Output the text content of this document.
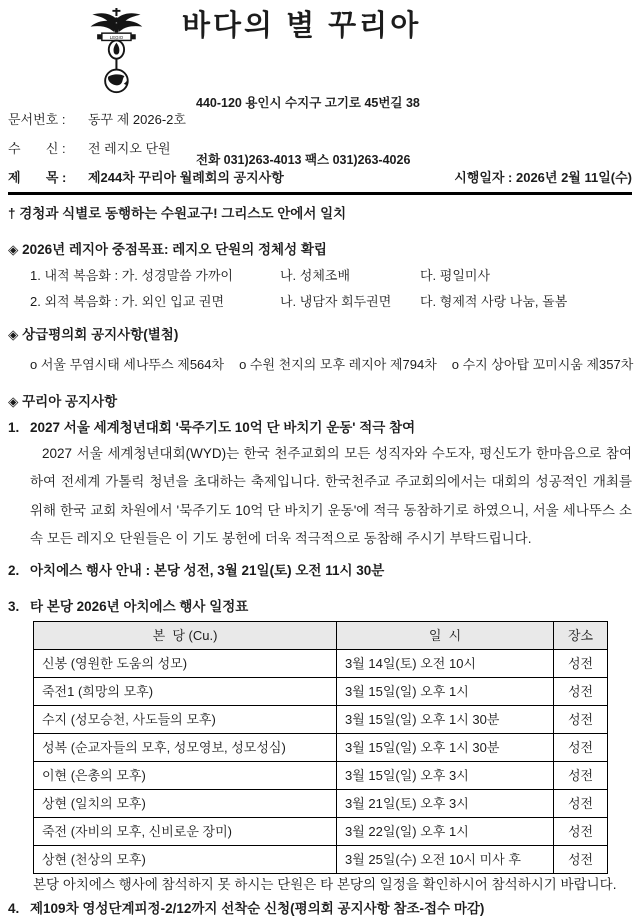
LEGIO 바다의 별 꾸리아

440-120 용인시 수지구 고기로 45번길 38

전화 031)263-4013 팩스 031)263-4026

문서번호 :	동꾸 제 2026-2호
수       신 :	전 레지오 단원
제       목 :	제244차 꾸리아 월례회의 공지사항	시행일자 : 2026년 2월 11일(수)
† 경청과 식별로 동행하는 수원교구! 그리스도 안에서 일치
◈ 2026년 레지아 중점목표: 레지오 단원의 정체성 확립
1. 내적 복음화 : 가. 성경말씀 가까이	나. 성체조배	다. 평일미사
2. 외적 복음화 : 가. 외인 입교 권면	나. 냉담자 회두권면	다. 형제적 사랑 나눔, 돌봄
◈ 상급평의회 공지사항(별첨)
o 서울 무염시태 세나뚜스 제564차 o 수원 천지의 모후 레지아 제794차 o 수지 상아탑 꼬미시움 제357차
◈ 꾸리아 공지사항
1. 2027 서울 세계청년대회 '묵주기도 10억 단 바치기 운동' 적극 참여
2027 서울 세계청년대회(WYD)는 한국 천주교회의 모든 성직자와 수도자, 평신도가 한마음으로 참여하여 전세계 가톨릭 청년을 초대하는 축제입니다. 한국천주교 주교회의에서는 대회의 성공적인 개최를 위해 한국 교회 차원에서 '묵주기도 10억 단 바치기 운동'에 적극 동참하기로 하였으니, 서울 세나뚜스 소속 모든 레지오 단원들은 이 기도 봉헌에 더욱 적극적으로 동참해 주시기 부탁드립니다.
2. 아치에스 행사 안내 : 본당 성전, 3월 21일(토) 오전 11시 30분
3. 타 본당 2026년 아치에스 행사 일정표
본  당 (Cu.)	일  시	장소
신봉 (영원한 도움의 성모)	3월 14일(토) 오전 10시	성전
죽전1 (희망의 모후)	3월 15일(일) 오후 1시	성전
수지 (성모승천, 사도들의 모후)	3월 15일(일) 오후 1시 30분	성전
성복 (순교자들의 모후, 성모영보, 성모성심)	3월 15일(일) 오후 1시 30분	성전
이현 (은총의 모후)	3월 15일(일) 오후 3시	성전
상현 (일치의 모후)	3월 21일(토) 오후 3시	성전
죽전 (자비의 모후, 신비로운 장미)	3월 22일(일) 오후 1시	성전
상현 (천상의 모후)	3월 25일(수) 오전 10시 미사 후	성전
본당 아치에스 행사에 참석하지 못 하시는 단원은 타 본당의 일정을 확인하시어 참석하시기 바랍니다.
4. 제109차 영성단계피정-2/12까지 선착순 신청(평의회 공지사항 참조-접수 마감)
